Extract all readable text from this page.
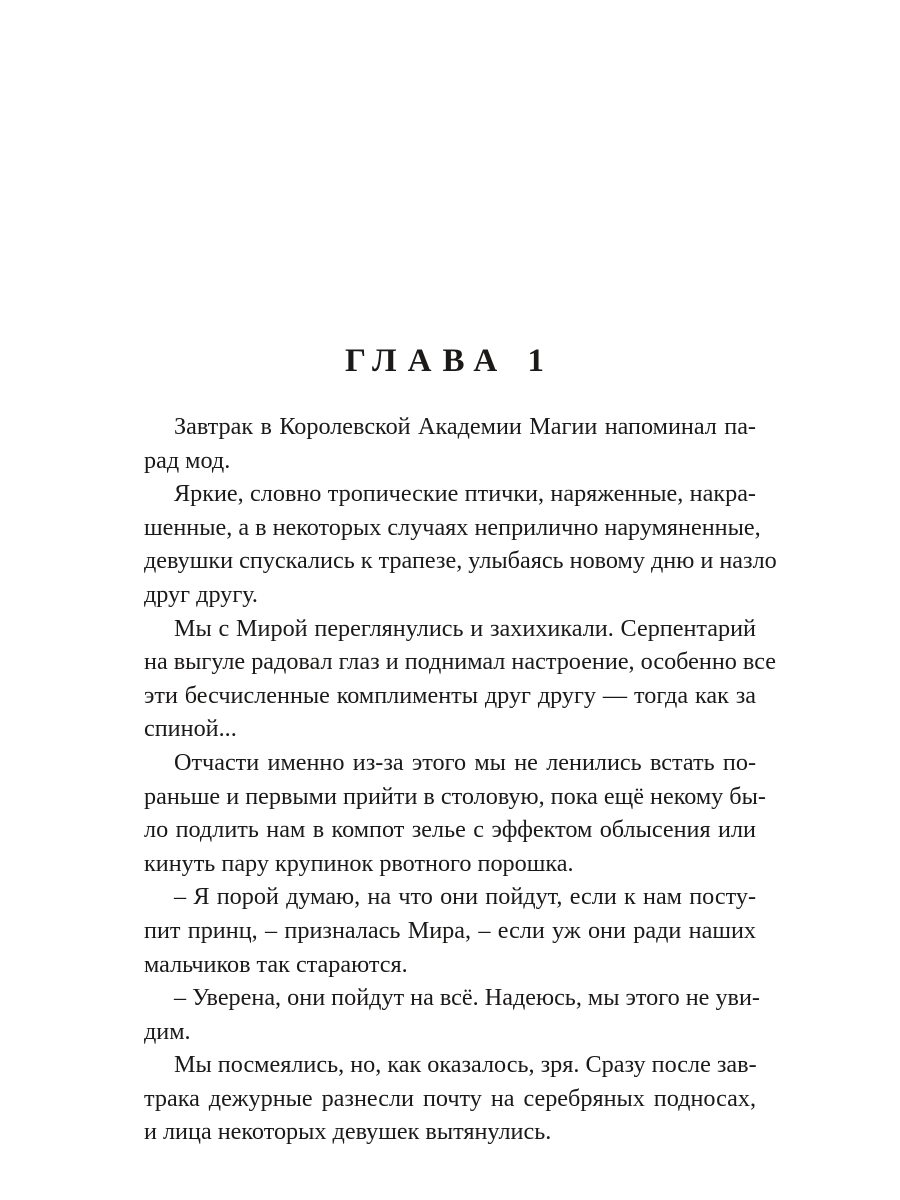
ГЛАВА 1
Завтрак в Королевской Академии Магии напоминал па-
рад мод.
Яркие, словно тропические птички, наряженные, накра-
шенные, а в некоторых случаях неприлично нарумяненные,
девушки спускались к трапезе, улыбаясь новому дню и назло
друг другу.
Мы с Мирой переглянулись и захихикали. Серпентарий
на выгуле радовал глаз и поднимал настроение, особенно все
эти бесчисленные комплименты друг другу — тогда как за
спиной...
Отчасти именно из-за этого мы не ленились встать по-
раньше и первыми прийти в столовую, пока ещё некому бы-
ло подлить нам в компот зелье с эффектом облысения или
кинуть пару крупинок рвотного порошка.
– Я порой думаю, на что они пойдут, если к нам посту-
пит принц, – призналась Мира, – если уж они ради наших
мальчиков так стараются.
– Уверена, они пойдут на всё. Надеюсь, мы этого не уви-
дим.
Мы посмеялись, но, как оказалось, зря. Сразу после зав-
трака дежурные разнесли почту на серебряных подносах,
и лица некоторых девушек вытянулись.
